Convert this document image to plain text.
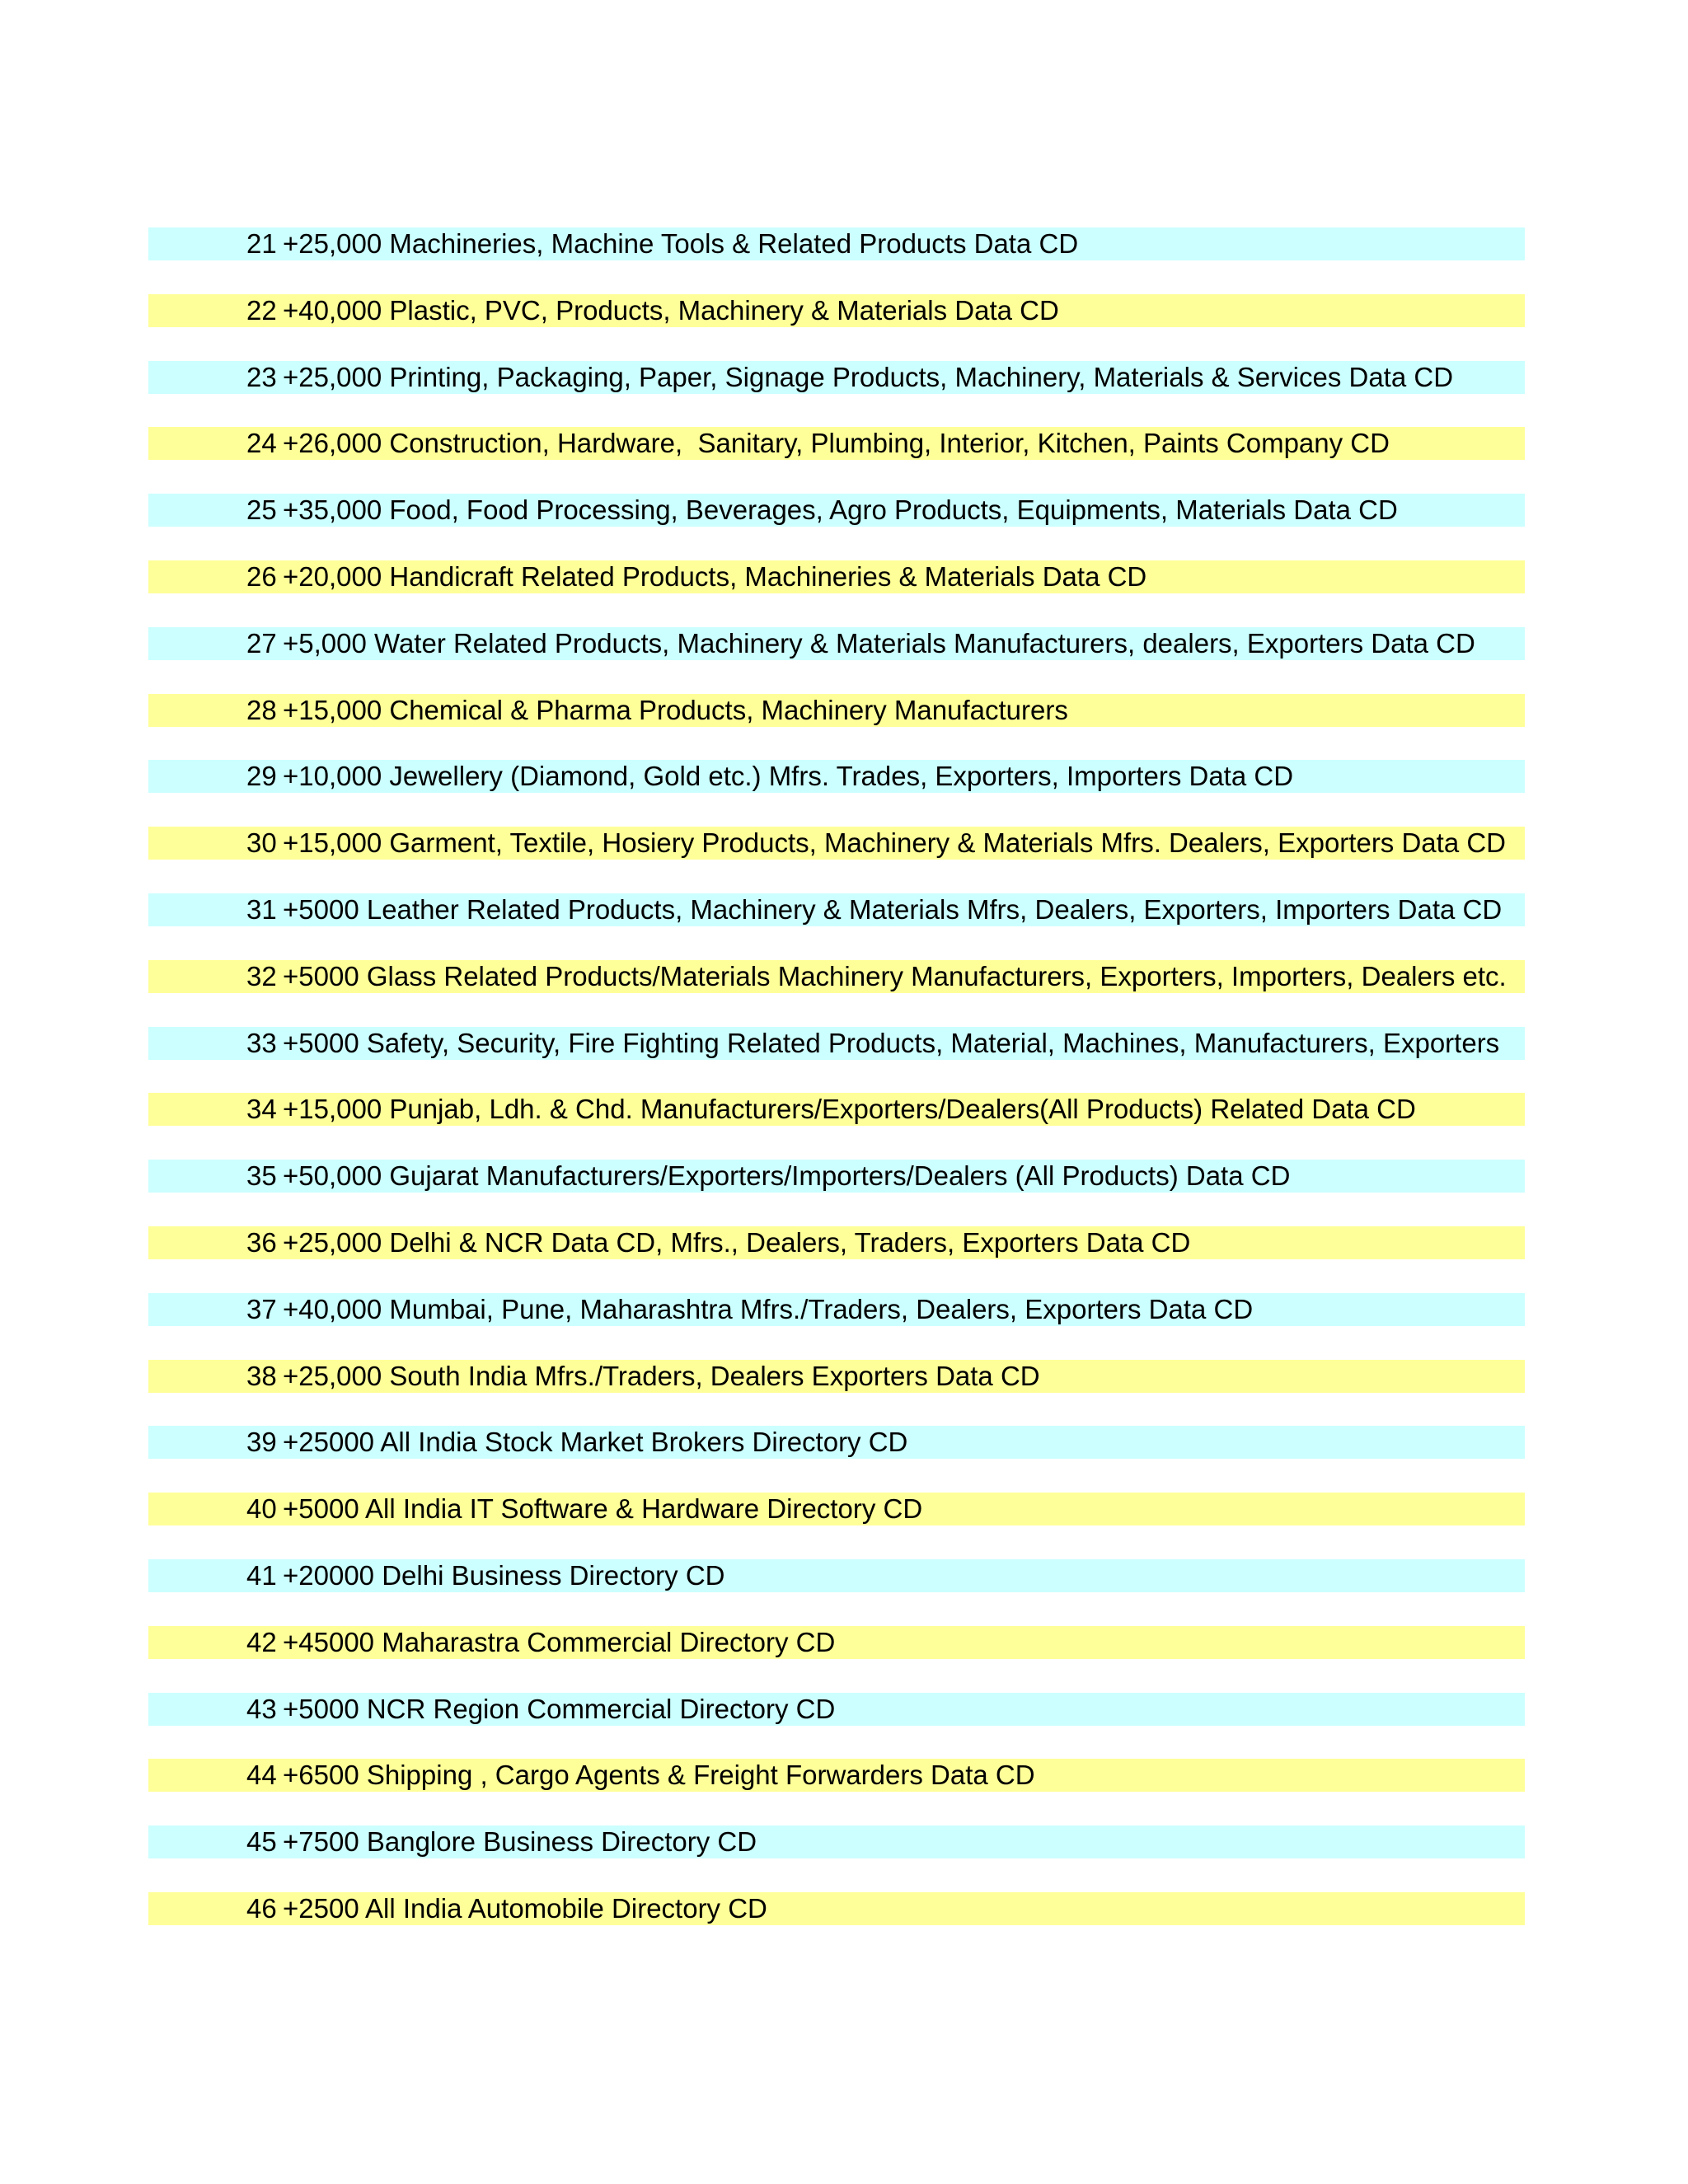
21 +25,000 Machineries, Machine Tools & Related Products Data CD
22 +40,000 Plastic, PVC, Products, Machinery & Materials Data CD
23 +25,000 Printing, Packaging, Paper, Signage Products, Machinery, Materials & Services Data CD
24 +26,000 Construction, Hardware,  Sanitary, Plumbing, Interior, Kitchen, Paints Company CD
25 +35,000 Food, Food Processing, Beverages, Agro Products, Equipments, Materials Data CD
26 +20,000 Handicraft Related Products, Machineries & Materials Data CD
27 +5,000 Water Related Products, Machinery & Materials Manufacturers, dealers, Exporters Data CD
28 +15,000 Chemical & Pharma Products, Machinery Manufacturers
29 +10,000 Jewellery (Diamond, Gold etc.) Mfrs. Trades, Exporters, Importers Data CD
30 +15,000 Garment, Textile, Hosiery Products, Machinery & Materials Mfrs. Dealers, Exporters Data CD
31 +5000 Leather Related Products, Machinery & Materials Mfrs, Dealers, Exporters, Importers Data CD
32 +5000 Glass Related Products/Materials Machinery Manufacturers, Exporters, Importers, Dealers etc.
33 +5000 Safety, Security, Fire Fighting Related Products, Material, Machines, Manufacturers, Exporters
34 +15,000 Punjab, Ldh. & Chd. Manufacturers/Exporters/Dealers(All Products) Related Data CD
35 +50,000 Gujarat Manufacturers/Exporters/Importers/Dealers (All Products) Data CD
36 +25,000 Delhi & NCR Data CD, Mfrs., Dealers, Traders, Exporters Data CD
37 +40,000 Mumbai, Pune, Maharashtra Mfrs./Traders, Dealers, Exporters Data CD
38 +25,000 South India Mfrs./Traders, Dealers Exporters Data CD
39 +25000 All India Stock Market Brokers Directory CD
40 +5000 All India IT Software & Hardware Directory CD
41 +20000 Delhi Business Directory CD
42 +45000 Maharastra Commercial Directory CD
43 +5000 NCR Region Commercial Directory CD
44 +6500 Shipping , Cargo Agents & Freight Forwarders Data CD
45 +7500 Banglore Business Directory CD
46 +2500 All India Automobile Directory CD
